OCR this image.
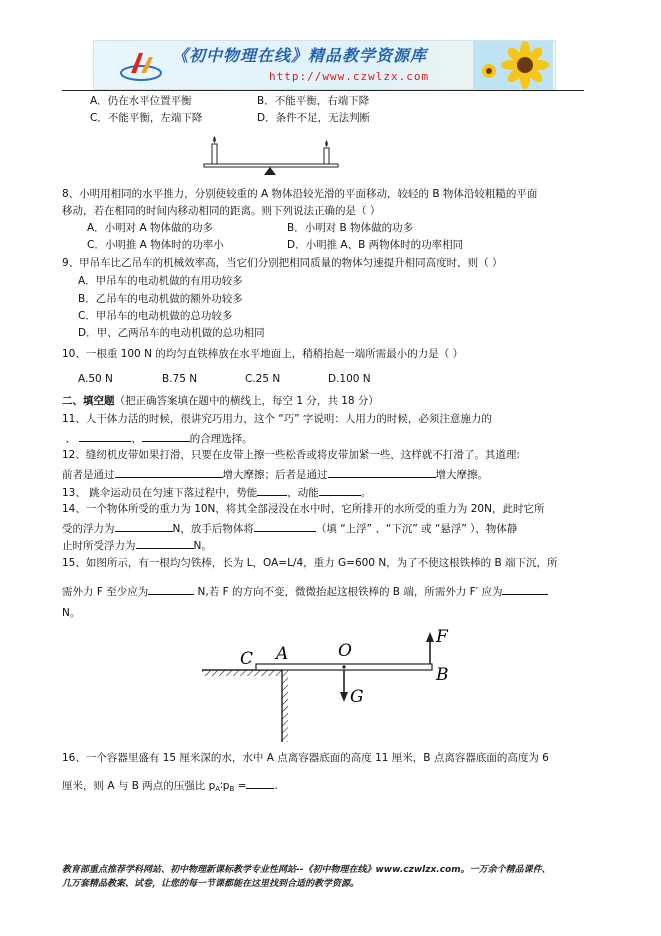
《初中物理在线》精品教学资源库
http://www.czwlzx.com
A．仍在水平位置平衡	B．不能平衡，右端下降
C．不能平衡，左端下降	D．条件不足，无法判断
8、小明用相同的水平推力，分别使较重的 A 物体沿较光滑的平面移动，较轻的 B 物体沿较粗糙的平面
移动，若在相同的时间内移动相同的距离。则下列说法正确的是（ ）
A．小明对 A 物体做的功多	B．小明对 B 物体做的功多
C．小明推 A 物体时的功率小	D．小明推 A、B 两物体时的功率相同
9、甲吊车比乙吊车的机械效率高，当它们分别把相同质量的物体匀速提升相同高度时，则（ ）
A．甲吊车的电动机做的有用功较多
B．乙吊车的电动机做的额外功较多
C．甲吊车的电动机做的总功较多
D．甲、乙两吊车的电动机做的总功相同
10、一根重 100 N 的均匀直铁棒放在水平地面上，稍稍抬起一端所需最小的力是（ ）
A.50 N	B.75 N	C.25 N	D.100 N
二、填空题（把正确答案填在题中的横线上，每空 1 分，共 18 分）
11、人干体力活的时候，很讲究巧用力，这个 “巧” 字说明：人用力的时候，必须注意施力的
、	、	的合理选择。
12、缝纫机皮带如果打滑，只要在皮带上擦一些松香或将皮带加紧一些，这样就不打滑了。其道理:
前者是通过	增大摩擦；后者是通过	增大摩擦。
13、 跳伞运动员在匀速下落过程中，势能	，动能	。
14、一个物体所受的重力为 10N，将其全部浸没在水中时，它所排开的水所受的重力为 20N，此时它所
受的浮力为	N，放手后物体将	（填 “上浮” 、“下沉” 或 “悬浮” ），物体静
止时所受浮力为	N。
15、如图所示，有一根均匀铁棒，长为 L，OA=L/4，重力 G=600 N，为了不使这根铁棒的 B 端下沉，所
需外力 F 至少应为	N,若 F 的方向不变，微微抬起这根铁棒的 B 端，所需外力 F′ 应为
N。
C A	O
F
B
G
16、一个容器里盛有 15 厘米深的水，水中 A 点离容器底面的高度 11 厘米，B 点离容器底面的高度为 6
厘米，则 A 与 B 两点的压强比 $p_A∶p_B$ =	.
教育部重点推荐学科网站、初中物理新课标教学专业性网站--《初中物理在线》www.czwlzx.com。一万余个精品课件、
几万套精品教案、试卷，让您的每一节课都能在这里找到合适的教学资源。
